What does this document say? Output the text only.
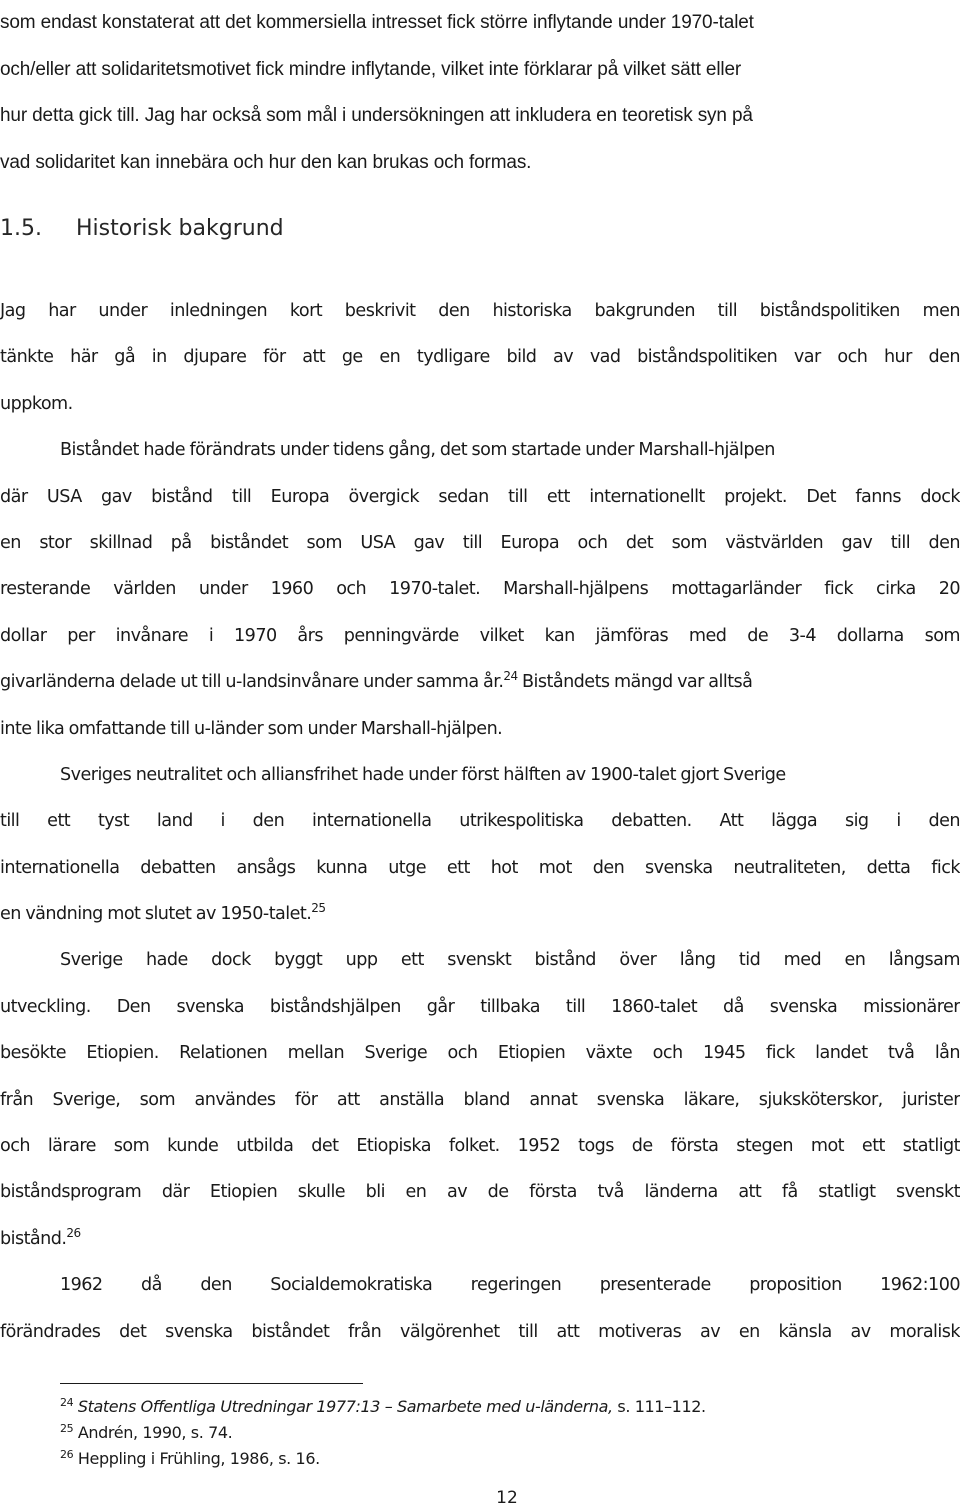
som endast konstaterat att det kommersiella intresset fick större inflytande under 1970-talet
och/eller att solidaritetsmotivet fick mindre inflytande, vilket inte förklarar på vilket sätt eller
hur detta gick till. Jag har också som mål i undersökningen att inkludera en teoretisk syn på
vad solidaritet kan innebära och hur den kan brukas och formas.
1.5. Historisk bakgrund
Jag har under inledningen kort beskrivit den historiska bakgrunden till biståndspolitiken men
tänkte här gå in djupare för att ge en tydligare bild av vad biståndspolitiken var och hur den
uppkom.
Biståndet hade förändrats under tidens gång, det som startade under Marshall-hjälpen
där USA gav bistånd till Europa övergick sedan till ett internationellt projekt. Det fanns dock
en stor skillnad på biståndet som USA gav till Europa och det som västvärlden gav till den
resterande världen under 1960 och 1970-talet. Marshall-hjälpens mottagarländer fick cirka 20
dollar per invånare i 1970 års penningvärde vilket kan jämföras med de 3-4 dollarna som
givarländerna delade ut till u-landsinvånare under samma år.$^{24}$ Biståndets mängd var alltså
inte lika omfattande till u-länder som under Marshall-hjälpen.
Sveriges neutralitet och alliansfrihet hade under först hälften av 1900-talet gjort Sverige
till ett tyst land i den internationella utrikespolitiska debatten. Att lägga sig i den
internationella debatten ansågs kunna utge ett hot mot den svenska neutraliteten, detta fick
en vändning mot slutet av 1950-talet.$^{25}$
Sverige hade dock byggt upp ett svenskt bistånd över lång tid med en långsam
utveckling. Den svenska biståndshjälpen går tillbaka till 1860-talet då svenska missionärer
besökte Etiopien. Relationen mellan Sverige och Etiopien växte och 1945 fick landet två lån
från Sverige, som användes för att anställa bland annat svenska läkare, sjuksköterskor, jurister
och lärare som kunde utbilda det Etiopiska folket. 1952 togs de första stegen mot ett statligt
biståndsprogram där Etiopien skulle bli en av de första två länderna att få statligt svenskt
bistånd.$^{26}$
1962 då den Socialdemokratiska regeringen presenterade proposition 1962:100
förändrades det svenska biståndet från välgörenhet till att motiveras av en känsla av moralisk
$^{24}$ Statens Offentliga Utredningar 1977:13 – Samarbete med u-länderna, s. 111–112.
$^{25}$ Andrén, 1990, s. 74.
$^{26}$ Heppling i Frühling, 1986, s. 16.
12
